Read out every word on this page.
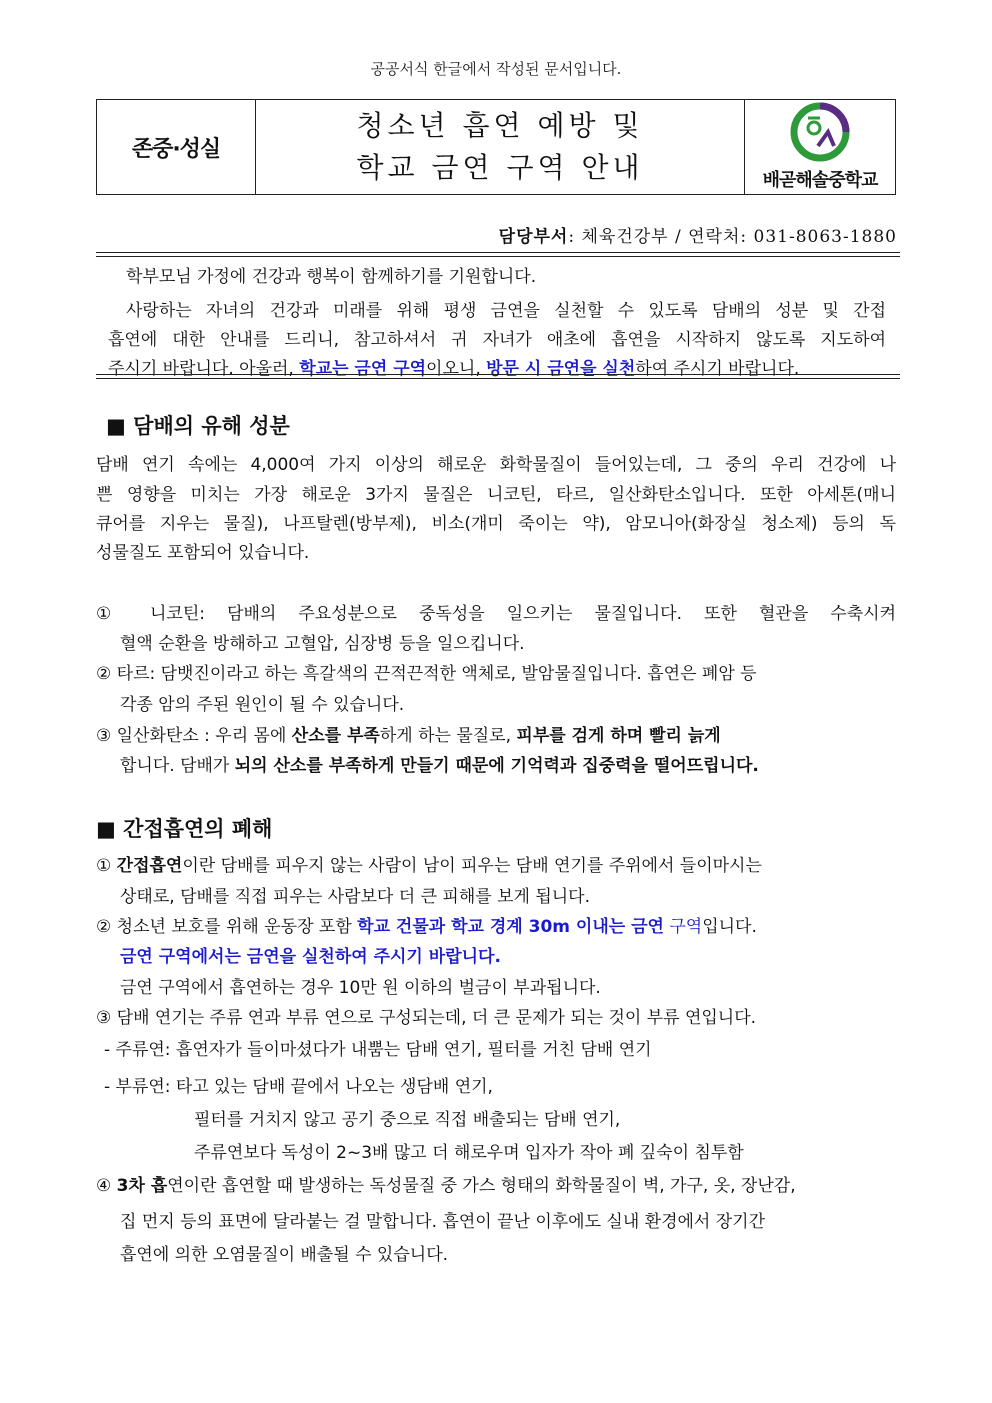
공공서식 한글에서 작성된 문서입니다.
존중·성실
청소년 흡연 예방 및
학교 금연 구역 안내	배곧해솔중학교
담당부서: 체육건강부 / 연락처: 031-8063-1880
학부모님 가정에 건강과 행복이 함께하기를 기원합니다.
사랑하는 자녀의 건강과 미래를 위해 평생 금연을 실천할 수 있도록 담배의 성분 및 간접
흡연에 대한 안내를 드리니, 참고하셔서 귀 자녀가 애초에 흡연을 시작하지 않도록 지도하여
주시기 바랍니다. 아울러, 학교는 금연 구역이오니, 방문 시 금연을 실천하여 주시기 바랍니다.
■ 담배의 유해 성분
담배 연기 속에는 4,000여 가지 이상의 해로운 화학물질이 들어있는데, 그 중의 우리 건강에 나
쁜 영향을 미치는 가장 해로운 3가지 물질은 니코틴, 타르, 일산화탄소입니다. 또한 아세톤(매니
큐어를 지우는 물질), 나프탈렌(방부제), 비소(개미 죽이는 약), 암모니아(화장실 청소제) 등의 독
성물질도 포함되어 있습니다.
① 니코틴: 담배의 주요성분으로 중독성을 일으키는 물질입니다. 또한 혈관을 수축시켜
혈액 순환을 방해하고 고혈압, 심장병 등을 일으킵니다.
② 타르: 담뱃진이라고 하는 흑갈색의 끈적끈적한 액체로, 발암물질입니다. 흡연은 폐암 등
각종 암의 주된 원인이 될 수 있습니다.
③ 일산화탄소 : 우리 몸에 산소를 부족하게 하는 물질로, 피부를 검게 하며 빨리 늙게
합니다. 담배가 뇌의 산소를 부족하게 만들기 때문에 기억력과 집중력을 떨어뜨립니다.
■ 간접흡연의 폐해
① 간접흡연이란 담배를 피우지 않는 사람이 남이 피우는 담배 연기를 주위에서 들이마시는
상태로, 담배를 직접 피우는 사람보다 더 큰 피해를 보게 됩니다.
② 청소년 보호를 위해 운동장 포함 학교 건물과 학교 경계 30m 이내는 금연 구역입니다.
금연 구역에서는 금연을 실천하여 주시기 바랍니다.
금연 구역에서 흡연하는 경우 10만 원 이하의 벌금이 부과됩니다.
③ 담배 연기는 주류 연과 부류 연으로 구성되는데, 더 큰 문제가 되는 것이 부류 연입니다.
- 주류연: 흡연자가 들이마셨다가 내뿜는 담배 연기, 필터를 거친 담배 연기
- 부류연: 타고 있는 담배 끝에서 나오는 생담배 연기,
필터를 거치지 않고 공기 중으로 직접 배출되는 담배 연기,
주류연보다 독성이 2~3배 많고 더 해로우며 입자가 작아 폐 깊숙이 침투함
④ 3차 흡연이란 흡연할 때 발생하는 독성물질 중 가스 형태의 화학물질이 벽, 가구, 옷, 장난감,
집 먼지 등의 표면에 달라붙는 걸 말합니다. 흡연이 끝난 이후에도 실내 환경에서 장기간
흡연에 의한 오염물질이 배출될 수 있습니다.
